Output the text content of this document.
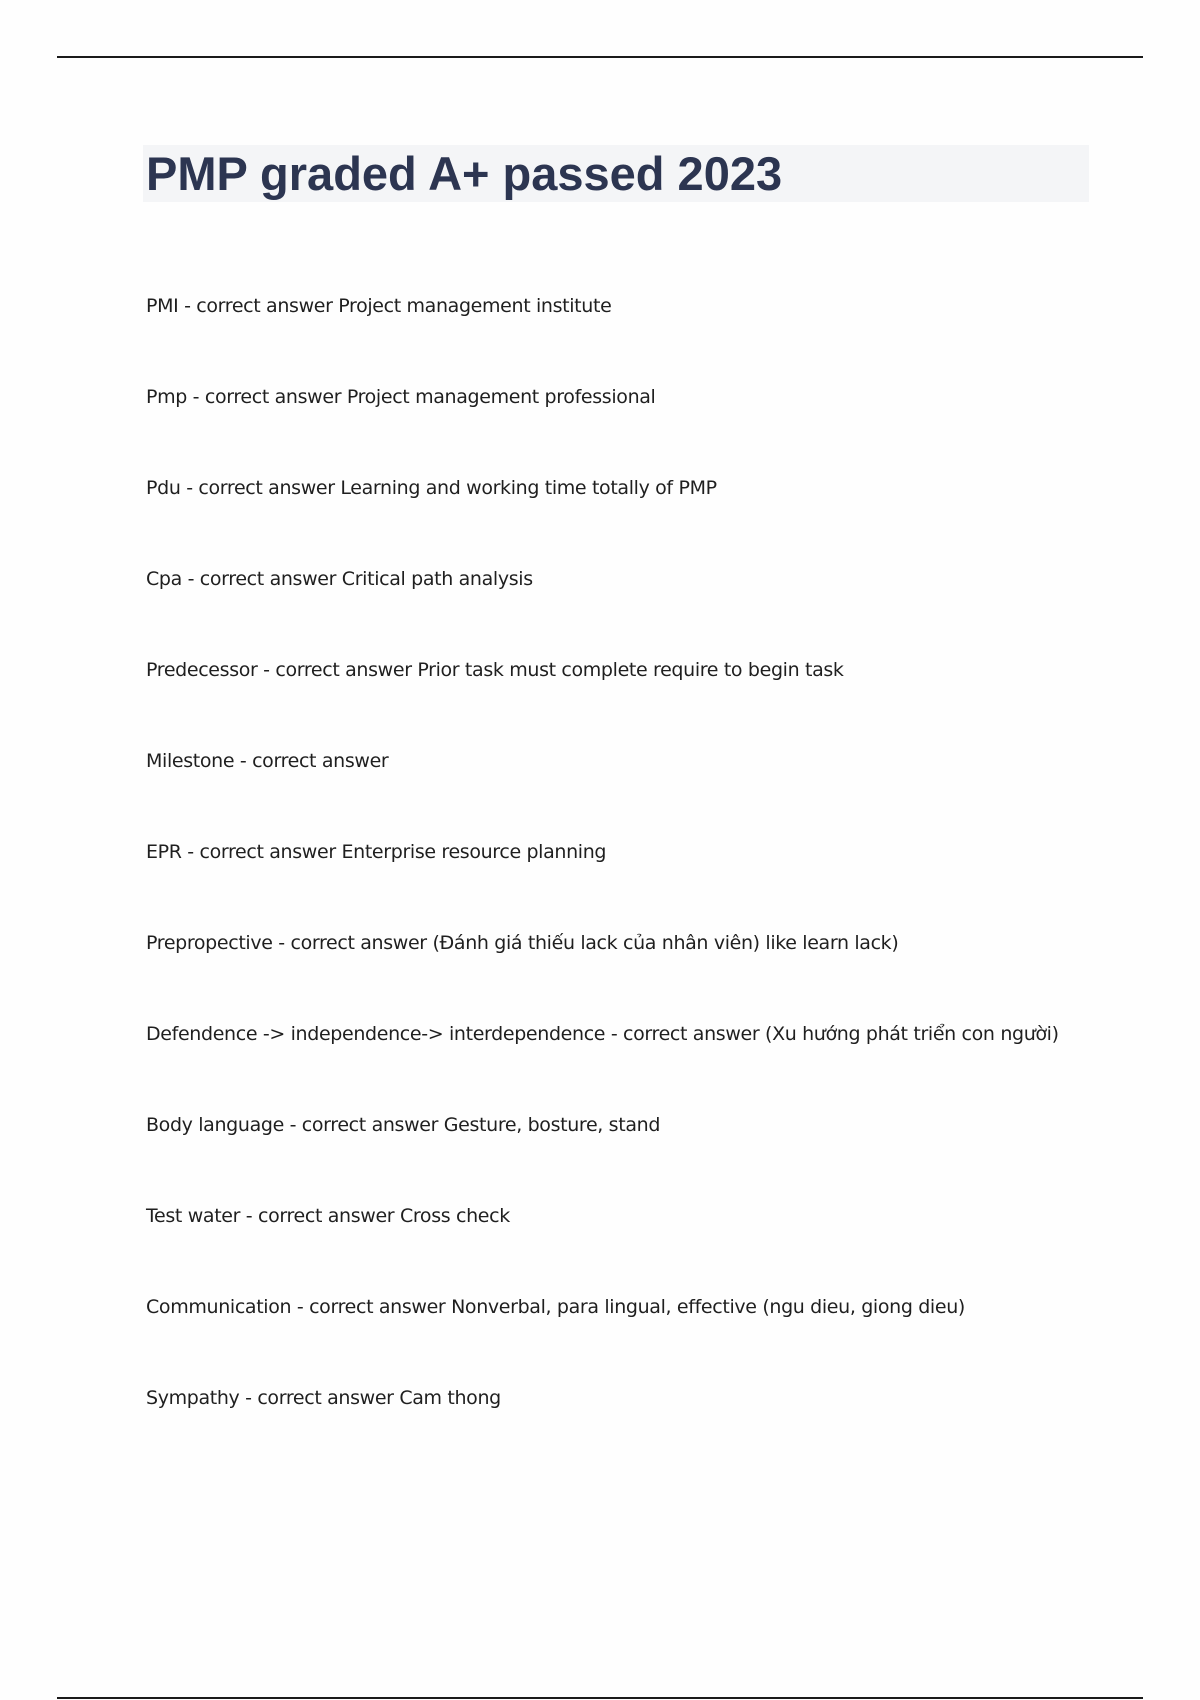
PMP graded A+ passed 2023
PMI - correct answer Project management institute
Pmp - correct answer Project management professional
Pdu - correct answer Learning and working time totally of PMP
Cpa - correct answer Critical path analysis
Predecessor - correct answer Prior task must complete require to begin task
Milestone - correct answer
EPR - correct answer Enterprise resource planning
Prepropective - correct answer (Đánh giá thiếu lack của nhân viên) like learn lack)
Defendence -> independence-> interdependence - correct answer (Xu hướng phát triển con người)
Body language - correct answer Gesture, bosture, stand
Test water - correct answer Cross check
Communication - correct answer Nonverbal, para lingual, effective (ngu dieu, giong dieu)
Sympathy - correct answer Cam thong
